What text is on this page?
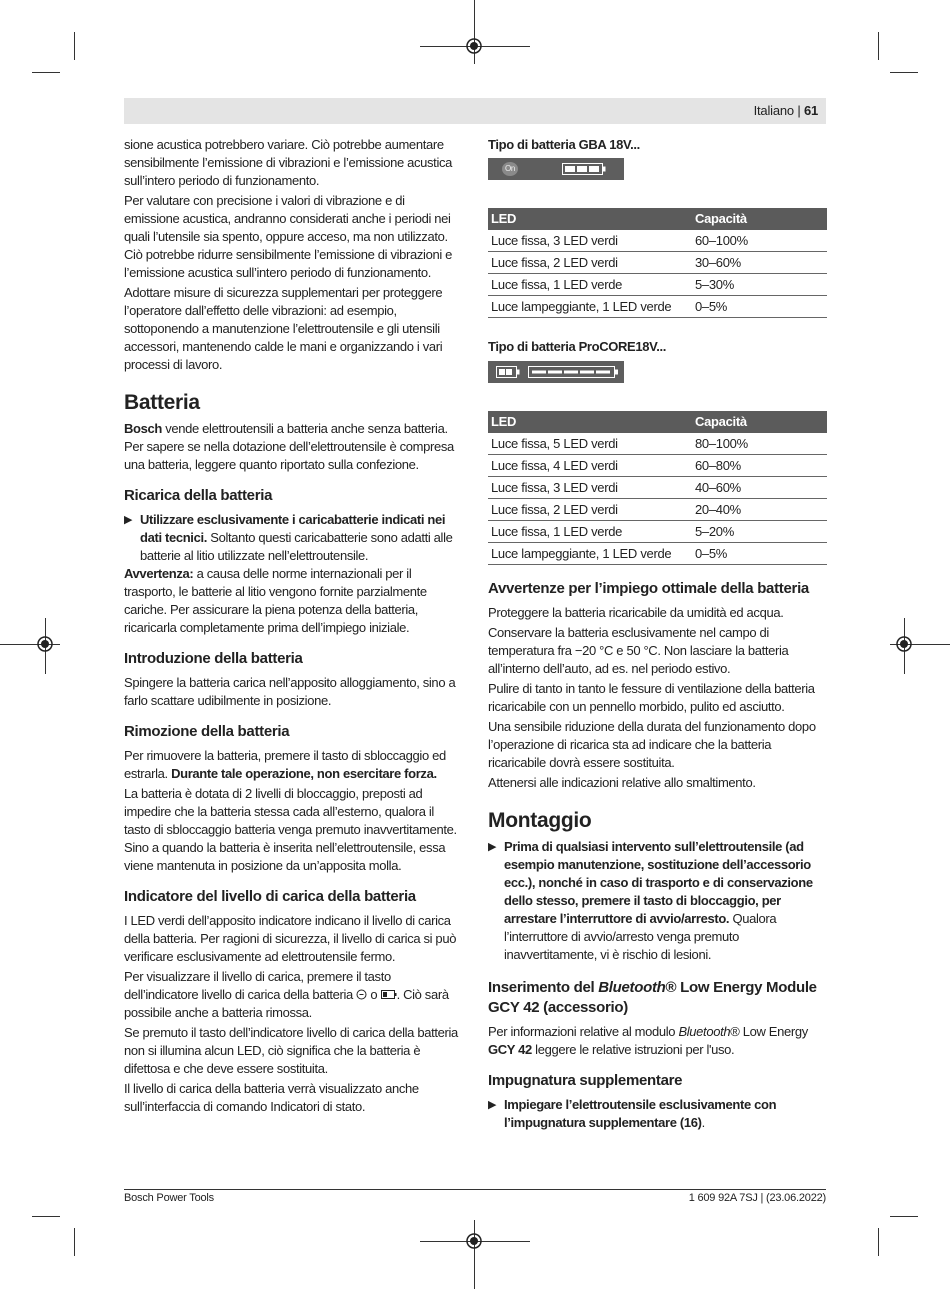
Italiano | 61

sione acustica potrebbero variare. Ciò potrebbe aumentare sensibilmente l’emissione di vibrazioni e l’emissione acustica sull’intero periodo di funzionamento.

Per valutare con precisione i valori di vibrazione e di emissione acustica, andranno considerati anche i periodi nei quali l’utensile sia spento, oppure acceso, ma non utilizzato. Ciò potrebbe ridurre sensibilmente l’emissione di vibrazioni e l’emissione acustica sull’intero periodo di funzionamento.

Adottare misure di sicurezza supplementari per proteggere l’operatore dall’effetto delle vibrazioni: ad esempio, sottoponendo a manutenzione l’elettroutensile e gli utensili accessori, mantenendo calde le mani e organizzando i vari processi di lavoro.

Batteria

Bosch vende elettroutensili a batteria anche senza batteria. Per sapere se nella dotazione dell’elettroutensile è compresa una batteria, leggere quanto riportato sulla confezione.

Ricarica della batteria
▶ Utilizzare esclusivamente i caricabatterie indicati nei dati tecnici. Soltanto questi caricabatterie sono adatti alle batterie al litio utilizzate nell’elettroutensile.

Avvertenza: a causa delle norme internazionali per il trasporto, le batterie al litio vengono fornite parzialmente cariche. Per assicurare la piena potenza della batteria, ricaricarla completamente prima dell’impiego iniziale.

Introduzione della batteria

Spingere la batteria carica nell’apposito alloggiamento, sino a farlo scattare udibilmente in posizione.

Rimozione della batteria

Per rimuovere la batteria, premere il tasto di sbloccaggio ed estrarla. Durante tale operazione, non esercitare forza.

La batteria è dotata di 2 livelli di bloccaggio, preposti ad impedire che la batteria stessa cada all’esterno, qualora il tasto di sbloccaggio batteria venga premuto inavvertitamente. Sino a quando la batteria è inserita nell’elettroutensile, essa viene mantenuta in posizione da un’apposita molla.

Indicatore del livello di carica della batteria

I LED verdi dell’apposito indicatore indicano il livello di carica della batteria. Per ragioni di sicurezza, il livello di carica si può verificare esclusivamente ad elettroutensile fermo.

Per visualizzare il livello di carica, premere il tasto dell’indicatore livello di carica della batteria  o . Ciò sarà possibile anche a batteria rimossa.

Se premuto il tasto dell’indicatore livello di carica della batteria non si illumina alcun LED, ciò significa che la batteria è difettosa e che deve essere sostituita.

Il livello di carica della batteria verrà visualizzato anche sull’interfaccia di comando Indicatori di stato.

Tipo di batteria GBA 18V...
On
LED	Capacità
Luce fissa, 3 LED verdi	60–100%
Luce fissa, 2 LED verdi	30–60%
Luce fissa, 1 LED verde	5–30%
Luce lampeggiante, 1 LED verde	0–5%
Tipo di batteria ProCORE18V...
LED	Capacità
Luce fissa, 5 LED verdi	80–100%
Luce fissa, 4 LED verdi	60–80%
Luce fissa, 3 LED verdi	40–60%
Luce fissa, 2 LED verdi	20–40%
Luce fissa, 1 LED verde	5–20%
Luce lampeggiante, 1 LED verde	0–5%
Avvertenze per l’impiego ottimale della batteria

Proteggere la batteria ricaricabile da umidità ed acqua.

Conservare la batteria esclusivamente nel campo di temperatura fra −20 °C e 50 °C. Non lasciare la batteria all’interno dell’auto, ad es. nel periodo estivo.

Pulire di tanto in tanto le fessure di ventilazione della batteria ricaricabile con un pennello morbido, pulito ed asciutto.

Una sensibile riduzione della durata del funzionamento dopo l’operazione di ricarica sta ad indicare che la batteria ricaricabile dovrà essere sostituita.

Attenersi alle indicazioni relative allo smaltimento.

Montaggio
▶ Prima di qualsiasi intervento sull’elettroutensile (ad esempio manutenzione, sostituzione dell’accessorio ecc.), nonché in caso di trasporto e di conservazione dello stesso, premere il tasto di bloccaggio, per arrestare l’interruttore di avvio/arresto. Qualora l’interruttore di avvio/arresto venga premuto inavvertitamente, vi è rischio di lesioni.
Inserimento del Bluetooth® Low Energy Module GCY 42 (accessorio)

Per informazioni relative al modulo Bluetooth® Low Energy GCY 42 leggere le relative istruzioni per l'uso.

Impugnatura supplementare
▶ Impiegare l’elettroutensile esclusivamente con l’impugnatura supplementare (16).
Bosch Power Tools	1 609 92A 7SJ | (23.06.2022)
